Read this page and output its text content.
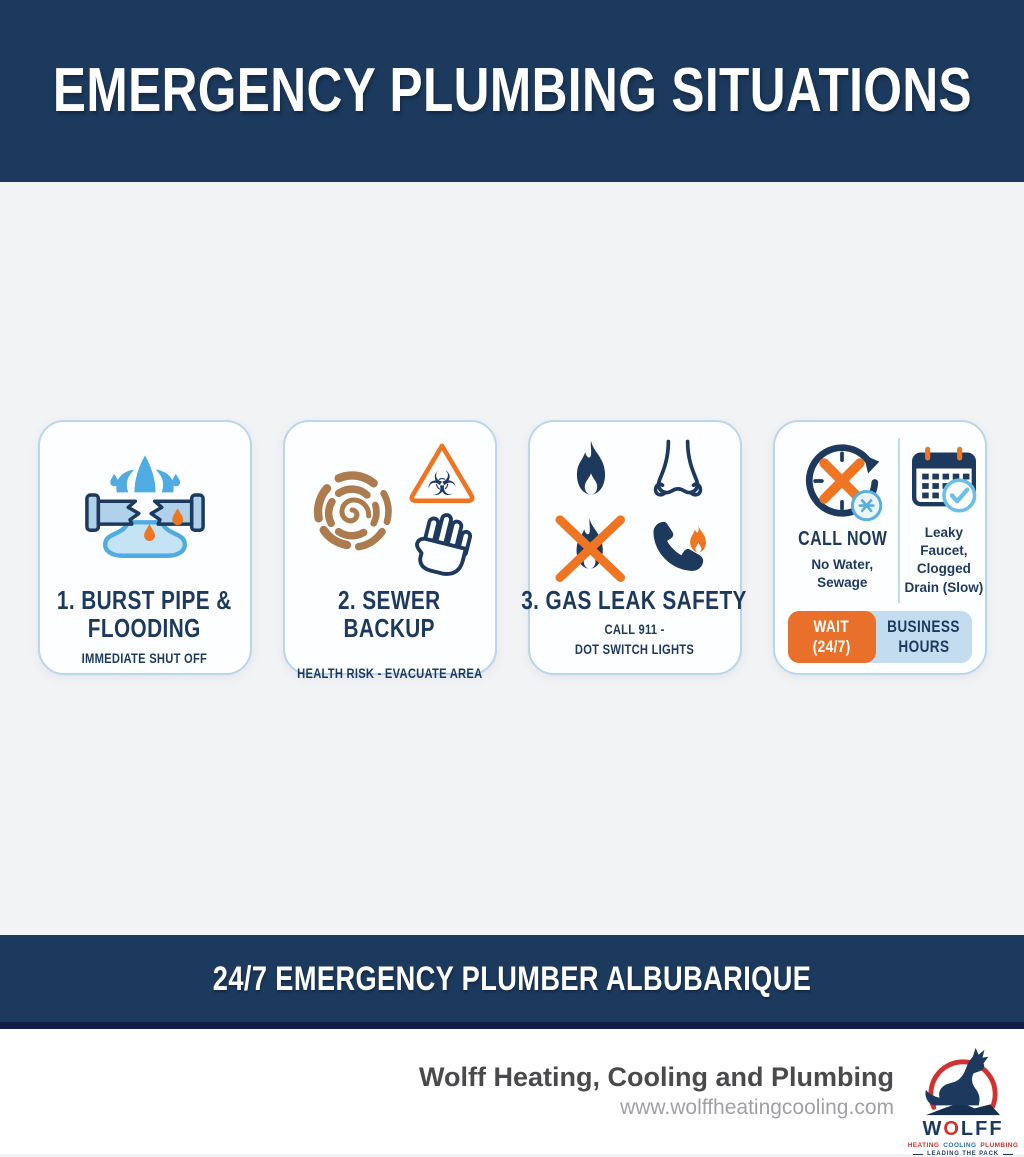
EMERGENCY PLUMBING SITUATIONS
1. BURST PIPE & FLOODING
IMMEDIATE SHUT OFF
☣
2. SEWER BACKUP
HEALTH RISK - EVACUATE AREA
3. GAS LEAK SAFETY
CALL 911 -
DOT SWITCH LIGHTS
CALL NOW
No Water, Sewage
Leaky Faucet, Clogged Drain (Slow)
WAIT
(24/7)
BUSINESS
HOURS
24/7 EMERGENCY PLUMBER ALBUBARIQUE
Wolff Heating, Cooling and Plumbing
www.wolffheatingcooling.com
W O LFF
HEATING COOLING PLUMBING
LEADING THE PACK
